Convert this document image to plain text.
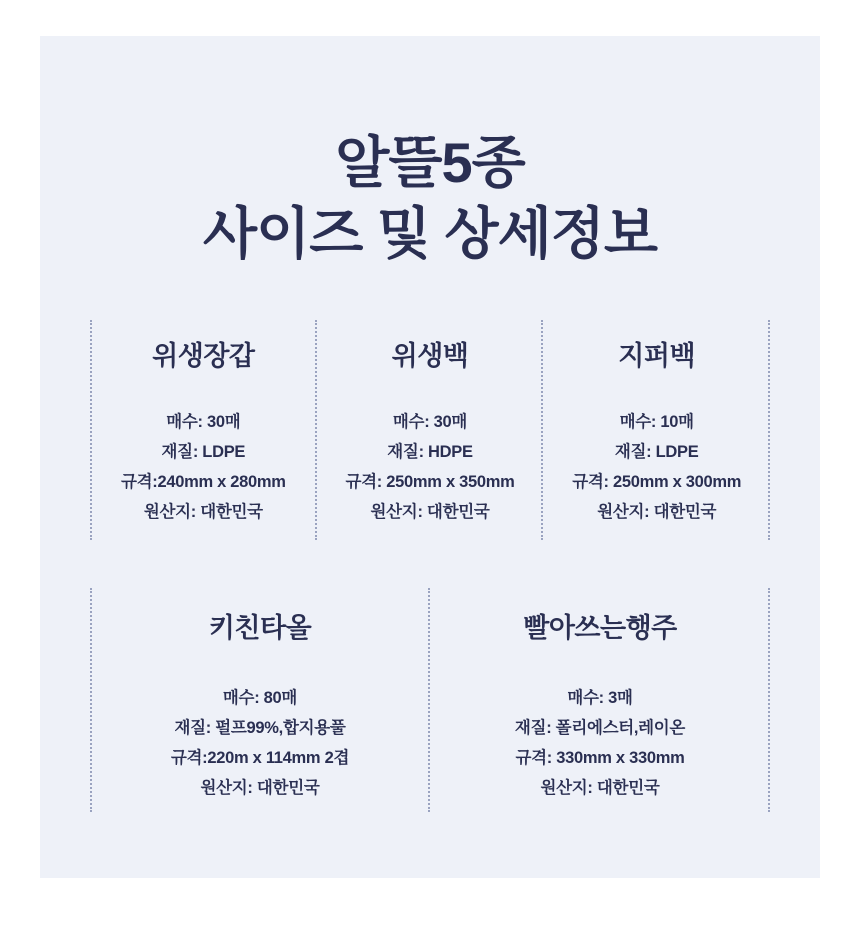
알뜰5종
사이즈 및 상세정보
위생장갑
매수: 30매
재질: LDPE
규격:240mm x 280mm
원산지: 대한민국
위생백
매수: 30매
재질: HDPE
규격: 250mm x 350mm
원산지: 대한민국
지퍼백
매수: 10매
재질: LDPE
규격: 250mm x 300mm
원산지: 대한민국
키친타올
매수: 80매
재질: 펄프99%,합지용풀
규격:220m x 114mm 2겹
원산지: 대한민국
빨아쓰는행주
매수: 3매
재질: 폴리에스터,레이온
규격: 330mm x 330mm
원산지: 대한민국
